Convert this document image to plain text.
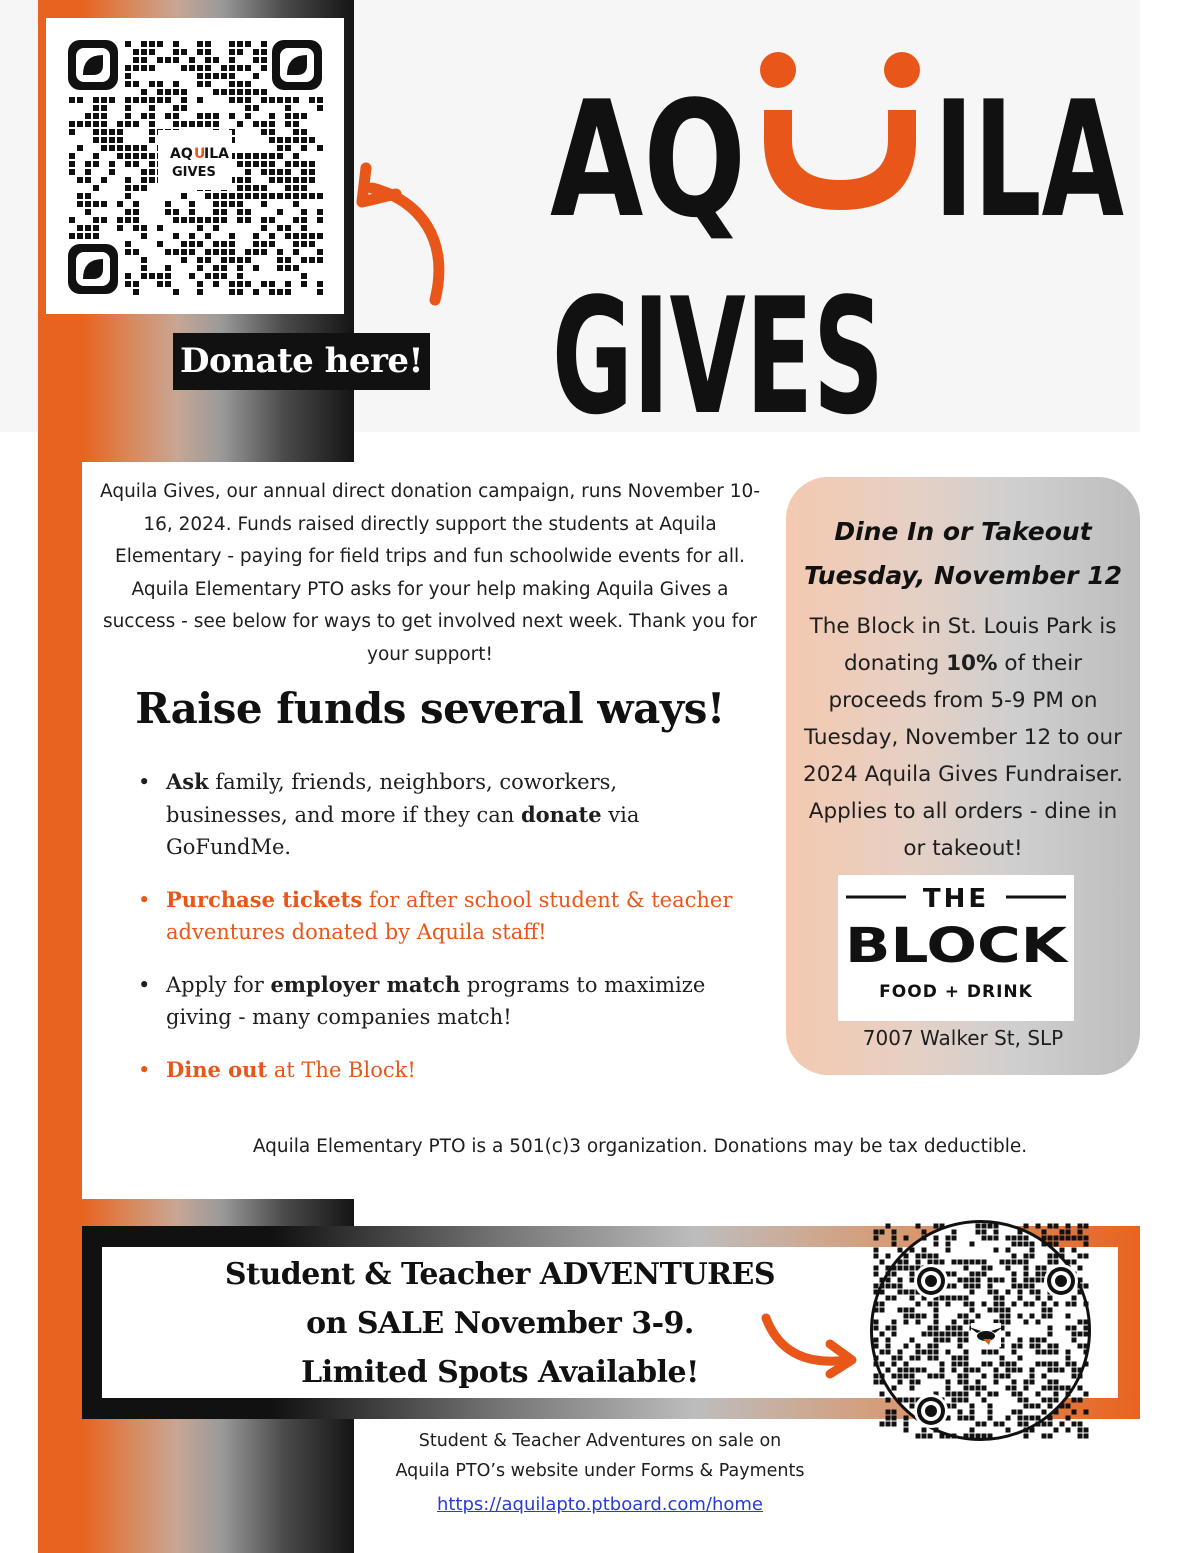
AQ U
ILA
GIVES
Donate here!
AQ ILA
GIVES
Aquila Gives, our annual direct donation campaign, runs November 10-16, 2024. Funds raised directly support the students at Aquila Elementary - paying for field trips and fun schoolwide events for all. Aquila Elementary PTO asks for your help making Aquila Gives a success - see below for ways to get involved next week. Thank you for your support!
Raise funds several ways!
• Ask family, friends, neighbors, coworkers, businesses, and more if they can donate via GoFundMe.
• Purchase tickets for after school student & teacher adventures donated by Aquila staff!
• Apply for employer match programs to maximize giving - many companies match!
• Dine out at The Block!
Dine In or Takeout
Tuesday, November 12
The Block in St. Louis Park is donating 10% of their proceeds from 5-9 PM on Tuesday, November 12 to our 2024 Aquila Gives Fundraiser. Applies to all orders - dine in or takeout!
THE
BLOCK
FOOD + DRINK
7007 Walker St, SLP
Aquila Elementary PTO is a 501(c)3 organization. Donations may be tax deductible.
Student & Teacher ADVENTURES
on SALE November 3-9.
Limited Spots Available!
Student & Teacher Adventures on sale on
Aquila PTO’s website under Forms & Payments
https://aquilapto.ptboard.com/home
